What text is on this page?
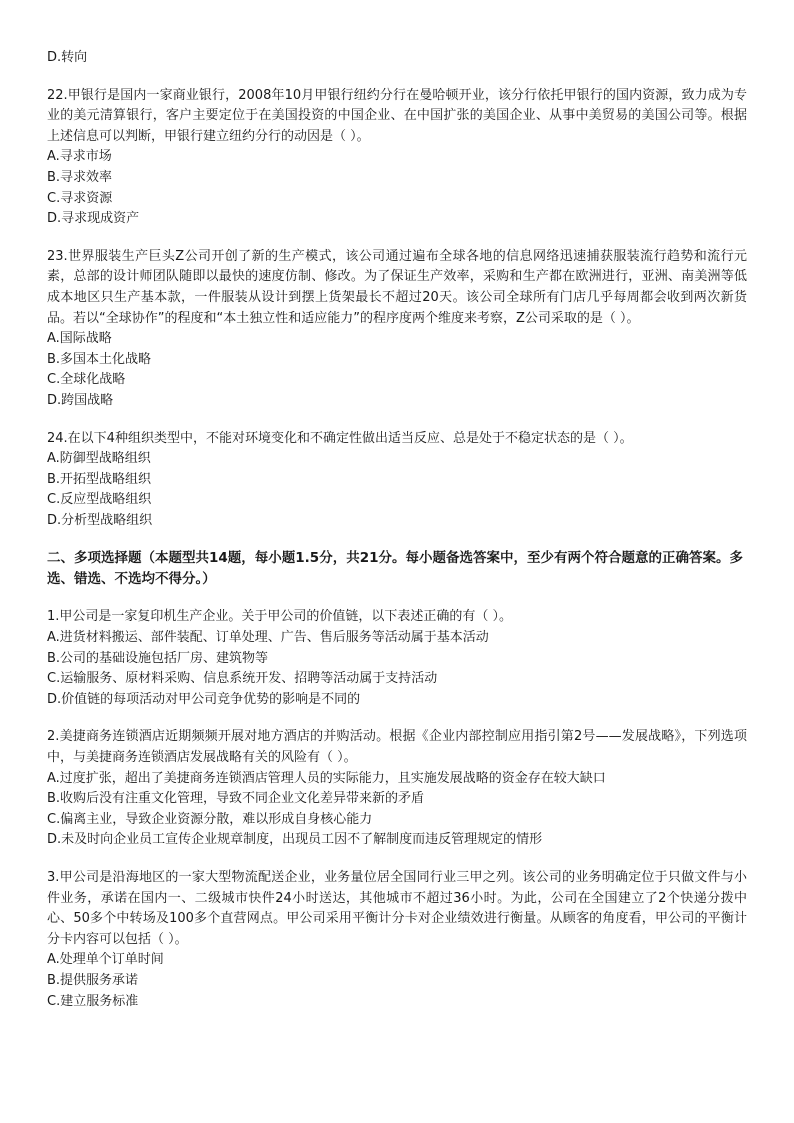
D.转向

22.甲银行是国内一家商业银行，2008年10月甲银行纽约分行在曼哈顿开业，该分行依托甲银行的国内资源，致力成为专业的美元清算银行，客户主要定位于在美国投资的中国企业、在中国扩张的美国企业、从事中美贸易的美国公司等。根据上述信息可以判断，甲银行建立纽约分行的动因是（ ）。

A.寻求市场

B.寻求效率

C.寻求资源

D.寻求现成资产

23.世界服装生产巨头Z公司开创了新的生产模式，该公司通过遍布全球各地的信息网络迅速捕获服装流行趋势和流行元素，总部的设计师团队随即以最快的速度仿制、修改。为了保证生产效率，采购和生产都在欧洲进行，亚洲、南美洲等低成本地区只生产基本款，一件服装从设计到摆上货架最长不超过20天。该公司全球所有门店几乎每周都会收到两次新货品。若以“全球协作”的程度和“本土独立性和适应能力”的程序度两个维度来考察，Z公司采取的是（ ）。

A.国际战略

B.多国本土化战略

C.全球化战略

D.跨国战略

24.在以下4种组织类型中，不能对环境变化和不确定性做出适当反应、总是处于不稳定状态的是（ ）。

A.防御型战略组织

B.开拓型战略组织

C.反应型战略组织

D.分析型战略组织

二、多项选择题（本题型共14题，每小题1.5分，共21分。每小题备选答案中，至少有两个符合题意的正确答案。多选、错选、不选均不得分。）

1.甲公司是一家复印机生产企业。关于甲公司的价值链，以下表述正确的有（ ）。

A.进货材料搬运、部件装配、订单处理、广告、售后服务等活动属于基本活动

B.公司的基础设施包括厂房、建筑物等

C.运输服务、原材料采购、信息系统开发、招聘等活动属于支持活动

D.价值链的每项活动对甲公司竞争优势的影响是不同的

2.美捷商务连锁酒店近期频频开展对地方酒店的并购活动。根据《企业内部控制应用指引第2号——发展战略》，下列选项中，与美捷商务连锁酒店发展战略有关的风险有（ ）。

A.过度扩张，超出了美捷商务连锁酒店管理人员的实际能力，且实施发展战略的资金存在较大缺口

B.收购后没有注重文化管理，导致不同企业文化差异带来新的矛盾

C.偏离主业，导致企业资源分散，难以形成自身核心能力

D.未及时向企业员工宣传企业规章制度，出现员工因不了解制度而违反管理规定的情形

3.甲公司是沿海地区的一家大型物流配送企业，业务量位居全国同行业三甲之列。该公司的业务明确定位于只做文件与小件业务，承诺在国内一、二级城市快件24小时送达，其他城市不超过36小时。为此，公司在全国建立了2个快递分拨中心、50多个中转场及100多个直营网点。甲公司采用平衡计分卡对企业绩效进行衡量。从顾客的角度看，甲公司的平衡计分卡内容可以包括（ ）。

A.处理单个订单时间

B.提供服务承诺

C.建立服务标准
